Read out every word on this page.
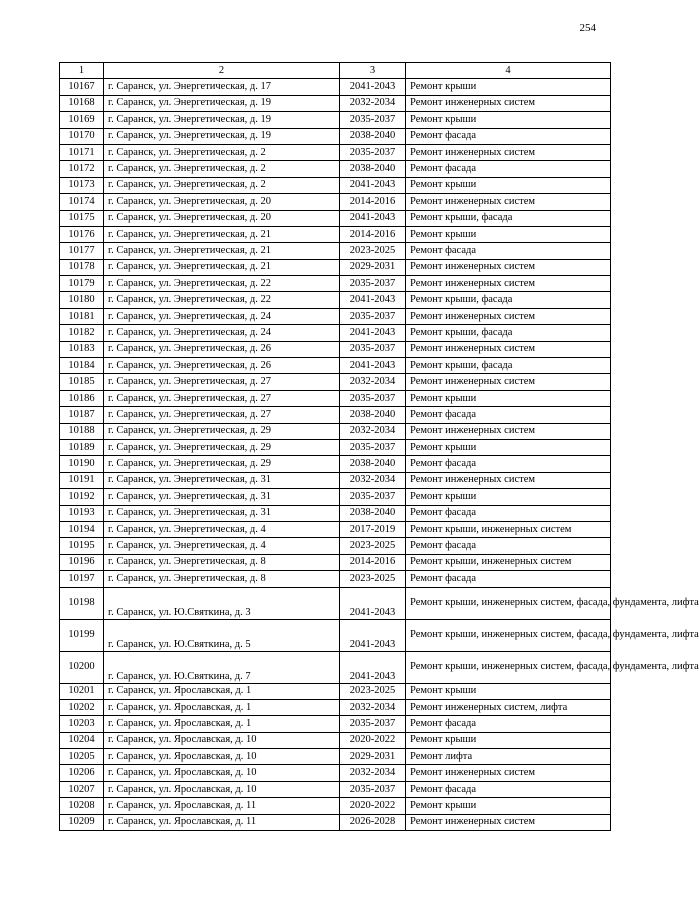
254
1	2	3	4
10167	г. Саранск, ул. Энергетическая, д. 17	2041-2043	Ремонт крыши
10168	г. Саранск, ул. Энергетическая, д. 19	2032-2034	Ремонт инженерных систем
10169	г. Саранск, ул. Энергетическая, д. 19	2035-2037	Ремонт крыши
10170	г. Саранск, ул. Энергетическая, д. 19	2038-2040	Ремонт фасада
10171	г. Саранск, ул. Энергетическая, д. 2	2035-2037	Ремонт инженерных систем
10172	г. Саранск, ул. Энергетическая, д. 2	2038-2040	Ремонт фасада
10173	г. Саранск, ул. Энергетическая, д. 2	2041-2043	Ремонт крыши
10174	г. Саранск, ул. Энергетическая, д. 20	2014-2016	Ремонт инженерных систем
10175	г. Саранск, ул. Энергетическая, д. 20	2041-2043	Ремонт крыши, фасада
10176	г. Саранск, ул. Энергетическая, д. 21	2014-2016	Ремонт крыши
10177	г. Саранск, ул. Энергетическая, д. 21	2023-2025	Ремонт фасада
10178	г. Саранск, ул. Энергетическая, д. 21	2029-2031	Ремонт инженерных систем
10179	г. Саранск, ул. Энергетическая, д. 22	2035-2037	Ремонт инженерных систем
10180	г. Саранск, ул. Энергетическая, д. 22	2041-2043	Ремонт крыши, фасада
10181	г. Саранск, ул. Энергетическая, д. 24	2035-2037	Ремонт инженерных систем
10182	г. Саранск, ул. Энергетическая, д. 24	2041-2043	Ремонт крыши, фасада
10183	г. Саранск, ул. Энергетическая, д. 26	2035-2037	Ремонт инженерных систем
10184	г. Саранск, ул. Энергетическая, д. 26	2041-2043	Ремонт крыши, фасада
10185	г. Саранск, ул. Энергетическая, д. 27	2032-2034	Ремонт инженерных систем
10186	г. Саранск, ул. Энергетическая, д. 27	2035-2037	Ремонт крыши
10187	г. Саранск, ул. Энергетическая, д. 27	2038-2040	Ремонт фасада
10188	г. Саранск, ул. Энергетическая, д. 29	2032-2034	Ремонт инженерных систем
10189	г. Саранск, ул. Энергетическая, д. 29	2035-2037	Ремонт крыши
10190	г. Саранск, ул. Энергетическая, д. 29	2038-2040	Ремонт фасада
10191	г. Саранск, ул. Энергетическая, д. 31	2032-2034	Ремонт инженерных систем
10192	г. Саранск, ул. Энергетическая, д. 31	2035-2037	Ремонт крыши
10193	г. Саранск, ул. Энергетическая, д. 31	2038-2040	Ремонт фасада
10194	г. Саранск, ул. Энергетическая, д. 4	2017-2019	Ремонт крыши, инженерных систем
10195	г. Саранск, ул. Энергетическая, д. 4	2023-2025	Ремонт фасада
10196	г. Саранск, ул. Энергетическая, д. 8	2014-2016	Ремонт крыши, инженерных систем
10197	г. Саранск, ул. Энергетическая, д. 8	2023-2025	Ремонт фасада
10198	г. Саранск, ул. Ю.Святкина, д. 3	2041-2043	Ремонт крыши, инженерных систем, фасада, фундамента, лифта
10199	г. Саранск, ул. Ю.Святкина, д. 5	2041-2043	Ремонт крыши, инженерных систем, фасада, фундамента, лифта
10200	г. Саранск, ул. Ю.Святкина, д. 7	2041-2043	Ремонт крыши, инженерных систем, фасада, фундамента, лифта
10201	г. Саранск, ул. Ярославская, д. 1	2023-2025	Ремонт крыши
10202	г. Саранск, ул. Ярославская, д. 1	2032-2034	Ремонт инженерных систем, лифта
10203	г. Саранск, ул. Ярославская, д. 1	2035-2037	Ремонт фасада
10204	г. Саранск, ул. Ярославская, д. 10	2020-2022	Ремонт крыши
10205	г. Саранск, ул. Ярославская, д. 10	2029-2031	Ремонт лифта
10206	г. Саранск, ул. Ярославская, д. 10	2032-2034	Ремонт инженерных систем
10207	г. Саранск, ул. Ярославская, д. 10	2035-2037	Ремонт фасада
10208	г. Саранск, ул. Ярославская, д. 11	2020-2022	Ремонт крыши
10209	г. Саранск, ул. Ярославская, д. 11	2026-2028	Ремонт инженерных систем
